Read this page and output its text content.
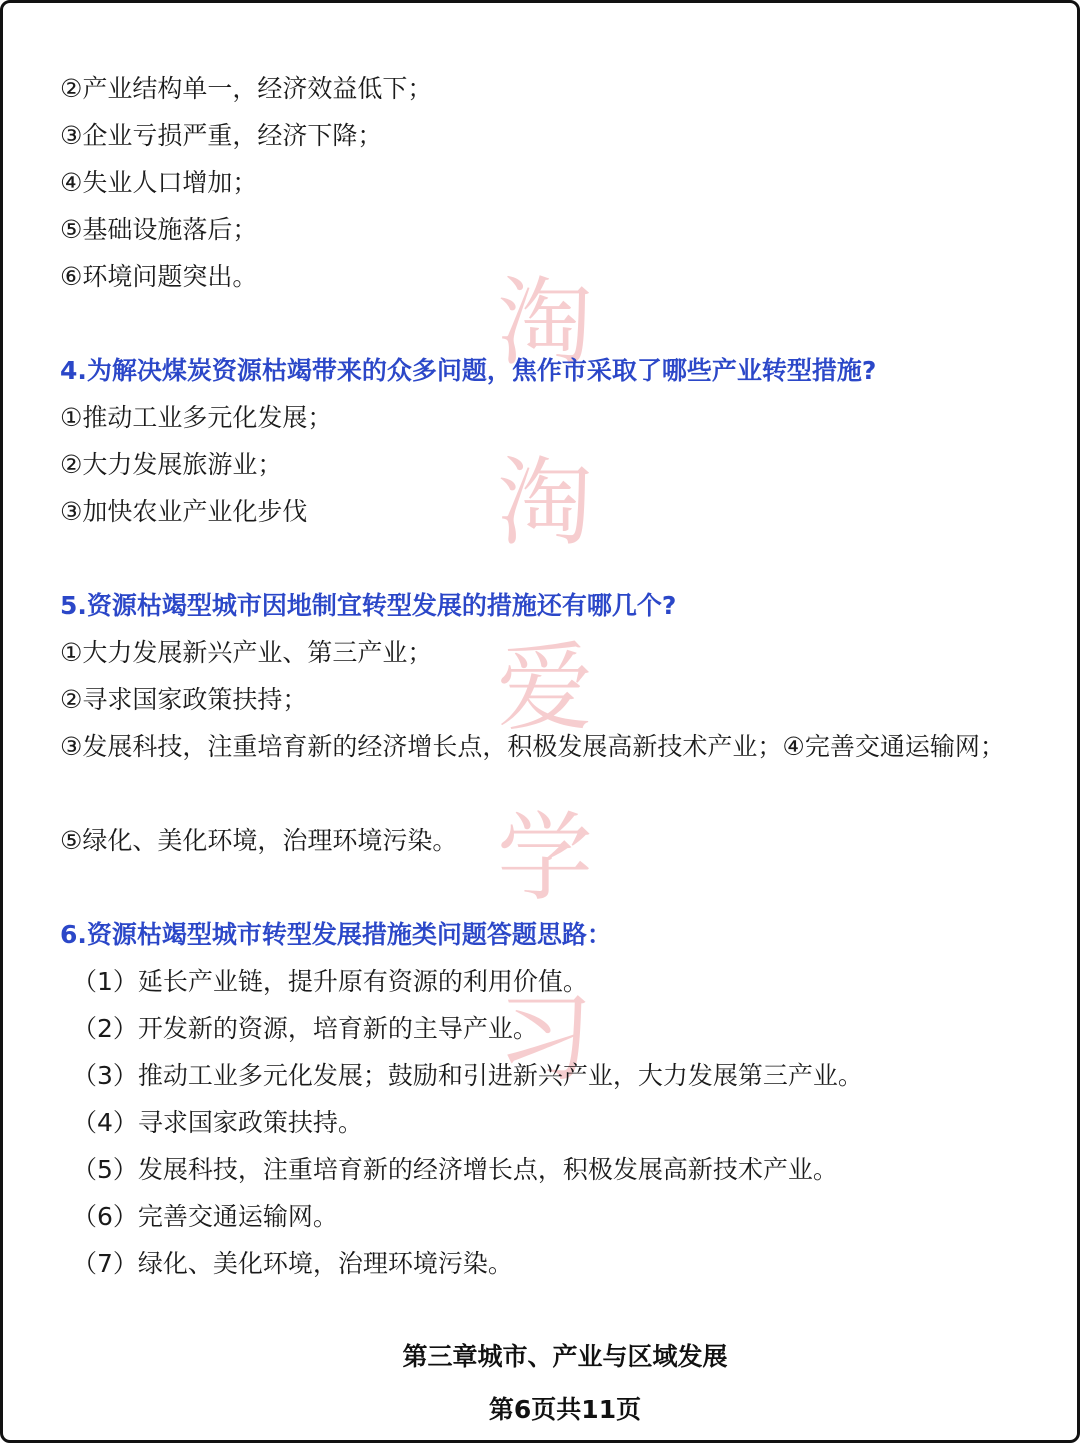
淘
淘
爱
学
习
②产业结构单一，经济效益低下；
③企业亏损严重，经济下降；
④失业人口增加；
⑤基础设施落后；
⑥环境问题突出。
4.为解决煤炭资源枯竭带来的众多问题，焦作市采取了哪些产业转型措施?
①推动工业多元化发展；
②大力发展旅游业；
③加快农业产业化步伐
5.资源枯竭型城市因地制宜转型发展的措施还有哪几个?
①大力发展新兴产业、第三产业；
②寻求国家政策扶持；
③发展科技，注重培育新的经济增长点，积极发展高新技术产业；④完善交通运输网；
⑤绿化、美化环境，治理环境污染。
6.资源枯竭型城市转型发展措施类问题答题思路：
（1）延长产业链，提升原有资源的利用价值。
（2）开发新的资源，培育新的主导产业。
（3）推动工业多元化发展；鼓励和引进新兴产业，大力发展第三产业。
（4）寻求国家政策扶持。
（5）发展科技，注重培育新的经济增长点，积极发展高新技术产业。
（6）完善交通运输网。
（7）绿化、美化环境，治理环境污染。
第三章城市、产业与区域发展
第6页共11页
